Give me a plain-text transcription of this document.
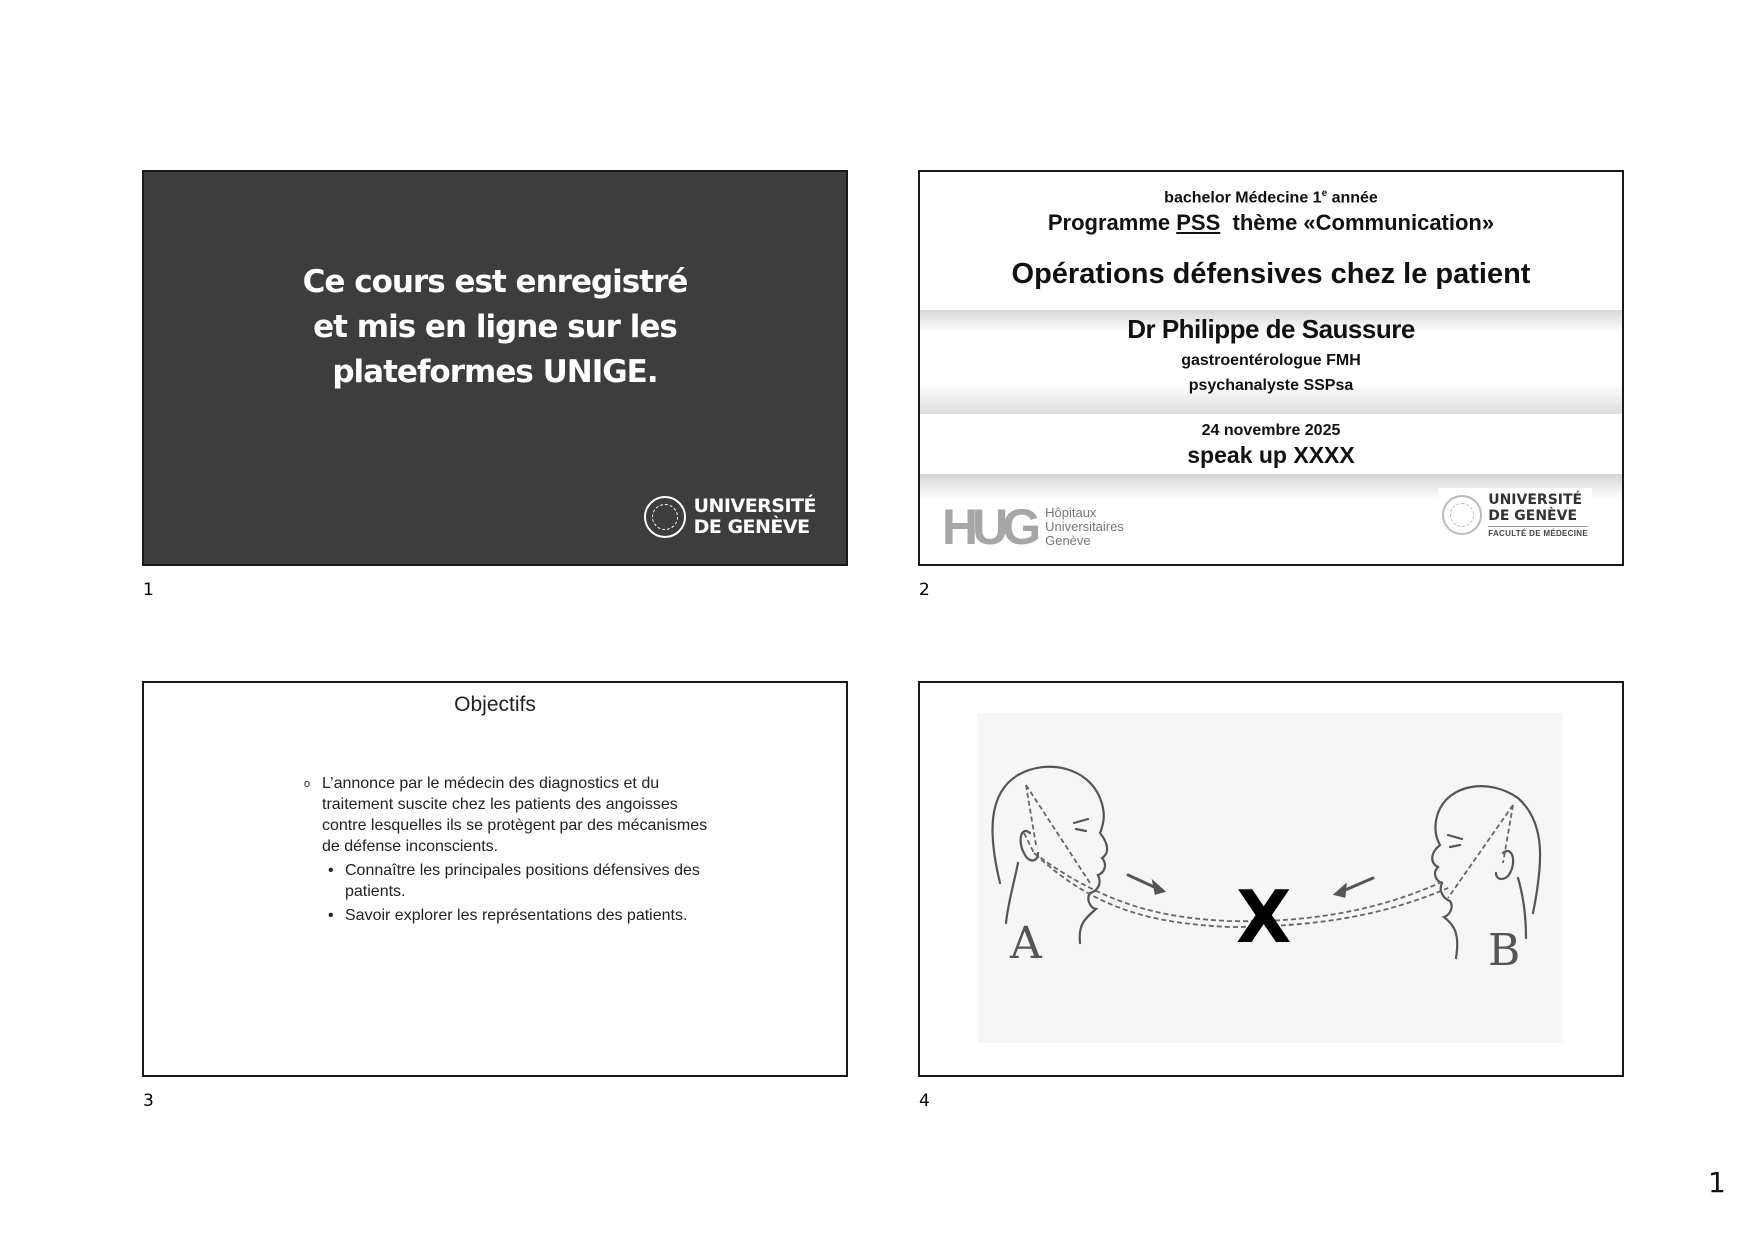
Ce cours est enregistré
et mis en ligne sur les
plateformes UNIGE.
UNIVERSITÉ
DE GENÈVE
1
bachelor Médecine 1e année
Programme PSS  thème «Communication»
Opérations défensives chez le patient
Dr Philippe de Saussure
gastroentérologue FMH
psychanalyste SSPsa
24 novembre 2025
speak up XXXX
HUG Hôpitaux
Universitaires
Genève
UNIVERSITÉ
DE GENÈVE
FACULTÉ DE MÉDECINE
2
Objectifs
o L’annonce par le médecin des diagnostics et du traitement suscite chez les patients des angoisses contre lesquelles ils se protègent par des mécanismes de défense inconscients.
• Connaître les principales positions défensives des patients.
• Savoir explorer les représentations des patients.
3
A	B
X
4
1
